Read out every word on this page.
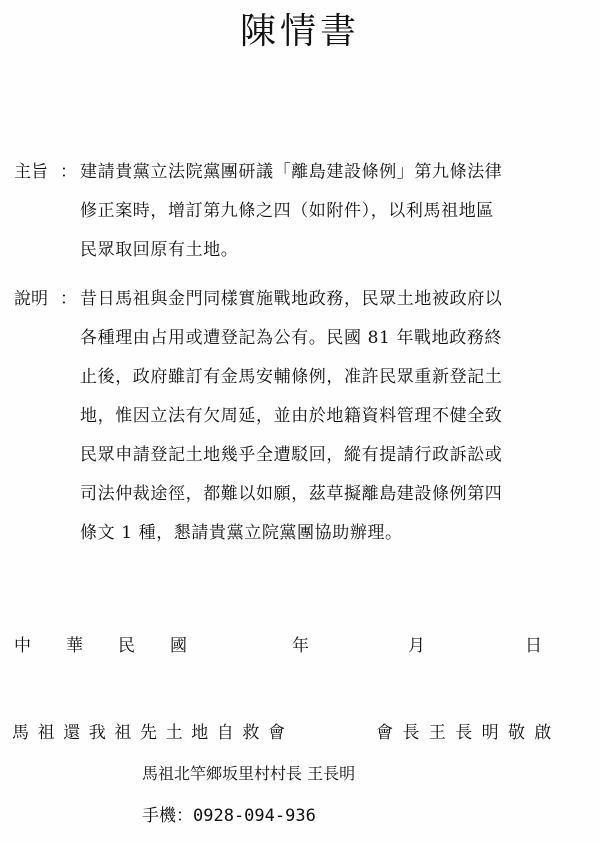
陳情書
主旨 ： 建請貴黨立法院黨團研議「離島建設條例」第九條法律
修正案時，增訂第九條之四（如附件），以利馬祖地區
民眾取回原有土地。
說明 ： 昔日馬祖與金門同樣實施戰地政務，民眾土地被政府以
各種理由占用或遭登記為公有。民國 81 年戰地政務終
止後，政府雖訂有金馬安輔條例，准許民眾重新登記土
地，惟因立法有欠周延，並由於地籍資料管理不健全致
民眾申請登記土地幾乎全遭駁回，縱有提請行政訴訟或
司法仲裁途徑，都難以如願，茲草擬離島建設條例第四
條文 1 種，懇請貴黨立院黨團協助辦理。
中 華 民 國	年	月	日
馬祖還我祖先土地自救會	會長王長明敬啟
馬祖北竿鄉坂里村村長 王長明
手機：0928-094-936
